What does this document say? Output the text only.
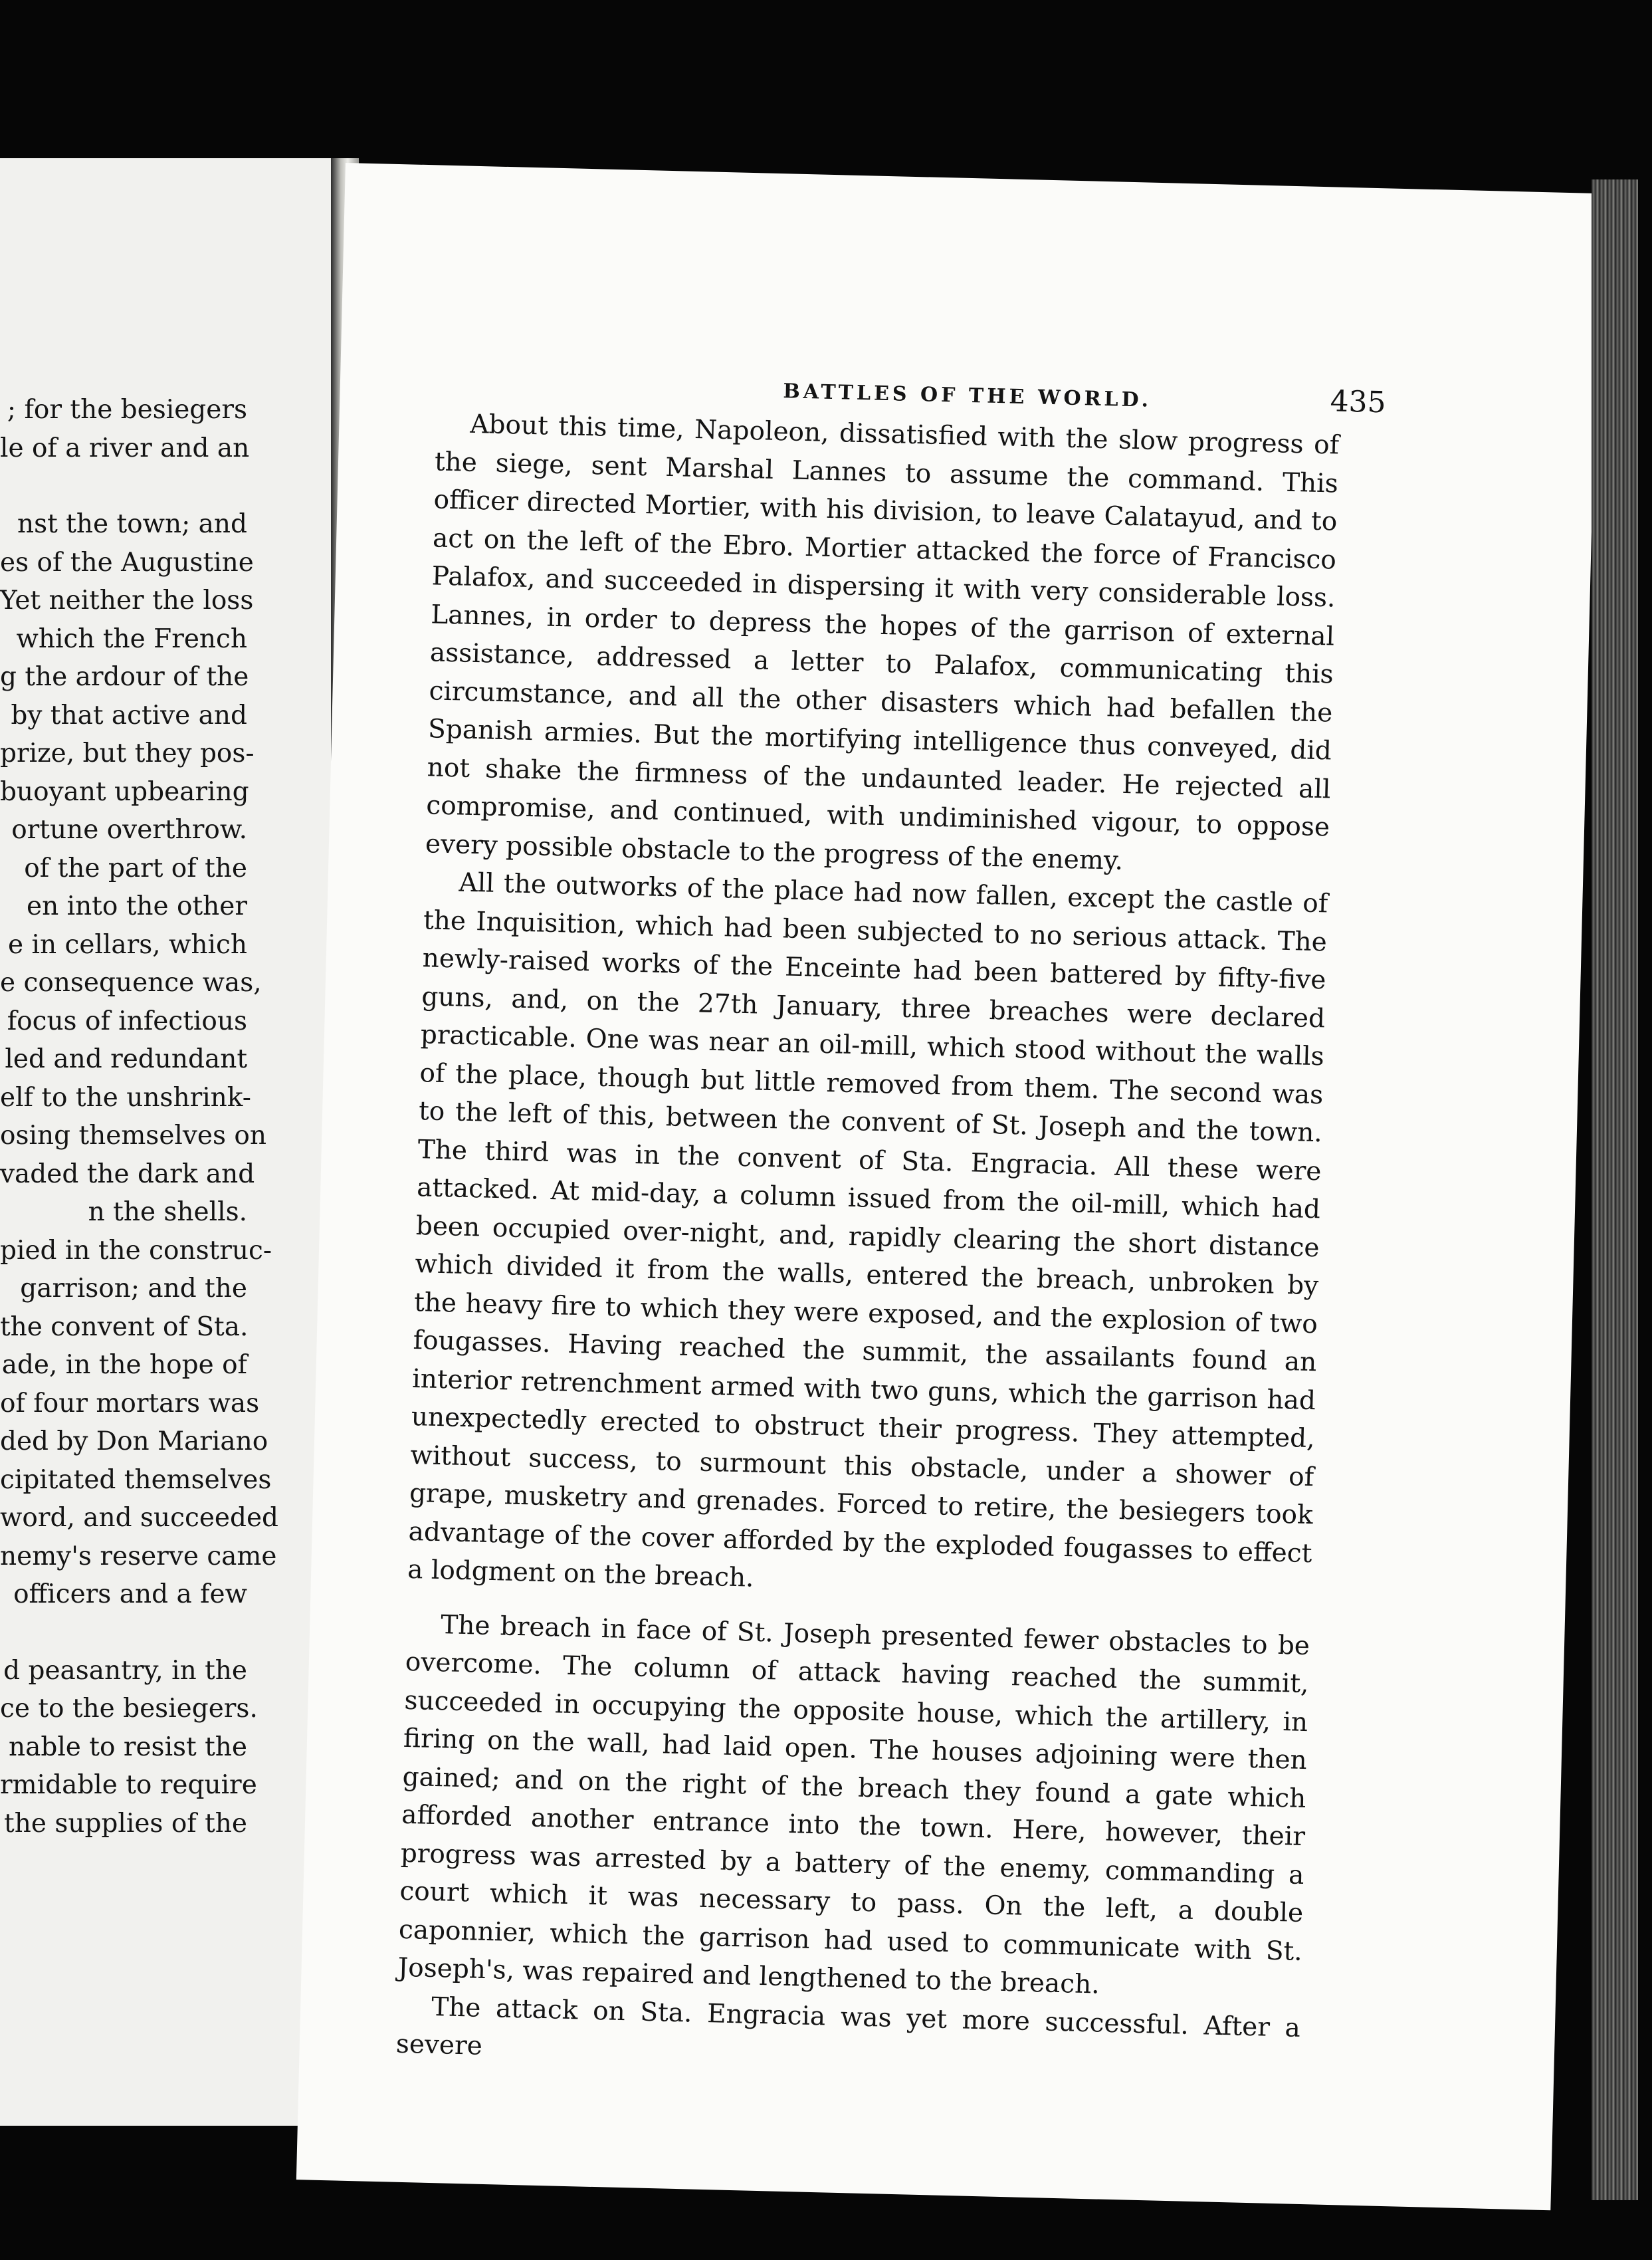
; for the besiegers
le of a river and an

nst the town; and
es of the Augustine
Yet neither the loss
which the French
g the ardour of the
by that active and
prize, but they pos-
buoyant upbearing
ortune overthrow.
of the part of the
en into the other
e in cellars, which
e consequence was,
focus of infectious
led and redundant
elf to the unshrink-
osing themselves on
vaded the dark and
n the shells.
pied in the construc-
garrison; and the
the convent of Sta.
ade, in the hope of
of four mortars was
ded by Don Mariano
cipitated themselves
word, and succeeded
nemy's reserve came
officers and a few

d peasantry, in the
ce to the besiegers.
nable to resist the
rmidable to require
the supplies of the
BATTLES OF THE WORLD.	435

About this time, Napoleon, dissatisfied with the slow progress of the siege, sent Marshal Lannes to assume the command. This officer directed Mortier, with his division, to leave Calatayud, and to act on the left of the Ebro. Mortier attacked the force of Francisco Palafox, and succeeded in dispersing it with very considerable loss. Lannes, in order to depress the hopes of the garrison of external assistance, addressed a letter to Palafox, communicating this circumstance, and all the other disasters which had befallen the Spanish armies. But the mortifying intelligence thus conveyed, did not shake the firmness of the undaunted leader. He rejected all compromise, and continued, with undiminished vigour, to oppose every possible obstacle to the progress of the enemy.

All the outworks of the place had now fallen, except the castle of the Inquisition, which had been subjected to no serious attack. The newly-raised works of the Enceinte had been battered by fifty-five guns, and, on the 27th January, three breaches were declared practicable. One was near an oil-mill, which stood without the walls of the place, though but little removed from them. The second was to the left of this, between the convent of St. Joseph and the town. The third was in the convent of Sta. Engracia. All these were attacked. At mid-day, a column issued from the oil-mill, which had been occupied over-night, and, rapidly clearing the short distance which divided it from the walls, entered the breach, unbroken by the heavy fire to which they were exposed, and the explosion of two fougasses. Having reached the summit, the assailants found an interior retrenchment armed with two guns, which the garrison had unexpectedly erected to obstruct their progress. They attempted, without success, to surmount this obstacle, under a shower of grape, musketry and grenades. Forced to retire, the besiegers took advantage of the cover afforded by the exploded fougasses to effect a lodgment on the breach.

The breach in face of St. Joseph presented fewer obstacles to be overcome. The column of attack having reached the summit, succeeded in occupying the opposite house, which the artillery, in firing on the wall, had laid open. The houses adjoining were then gained; and on the right of the breach they found a gate which afforded another entrance into the town. Here, however, their progress was arrested by a battery of the enemy, commanding a court which it was necessary to pass. On the left, a double caponnier, which the garrison had used to communicate with St. Joseph's, was repaired and lengthened to the breach.

The attack on Sta. Engracia was yet more successful. After a severe
